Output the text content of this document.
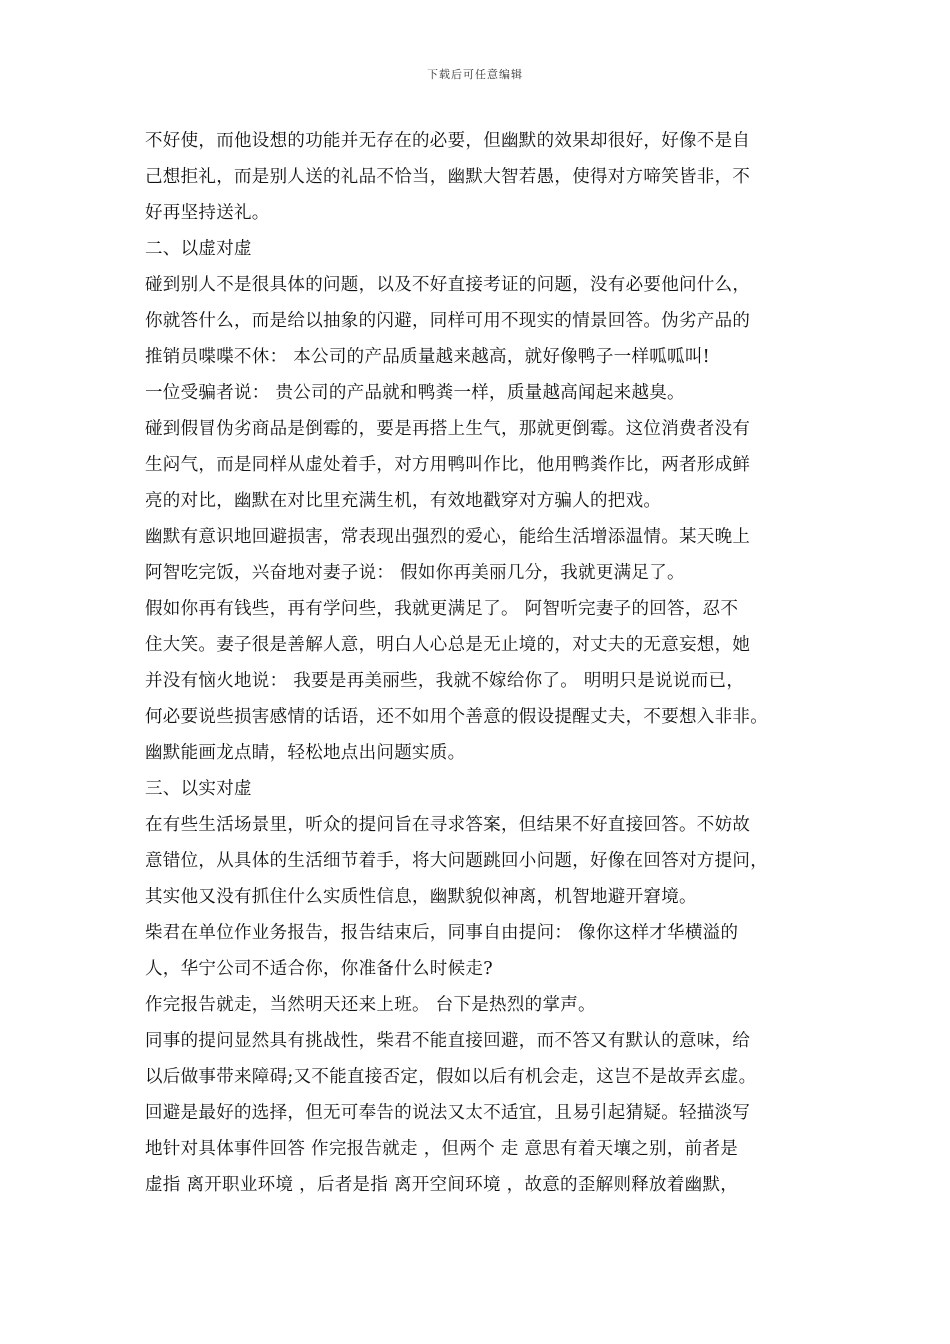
下载后可任意编辑
不好使，而他设想的功能并无存在的必要，但幽默的效果却很好，好像不是自
己想拒礼，而是别人送的礼品不恰当，幽默大智若愚，使得对方啼笑皆非，不
好再坚持送礼。
二、以虚对虚
碰到别人不是很具体的问题，以及不好直接考证的问题，没有必要他问什么，
你就答什么，而是给以抽象的闪避，同样可用不现实的情景回答。伪劣产品的
推销员喋喋不休： 本公司的产品质量越来越高，就好像鸭子一样呱呱叫!
一位受骗者说： 贵公司的产品就和鸭粪一样，质量越高闻起来越臭。
碰到假冒伪劣商品是倒霉的，要是再搭上生气，那就更倒霉。这位消费者没有
生闷气，而是同样从虚处着手，对方用鸭叫作比，他用鸭粪作比，两者形成鲜
亮的对比，幽默在对比里充满生机，有效地戳穿对方骗人的把戏。
幽默有意识地回避损害，常表现出强烈的爱心，能给生活增添温情。某天晚上
阿智吃完饭，兴奋地对妻子说： 假如你再美丽几分，我就更满足了。
假如你再有钱些，再有学问些，我就更满足了。 阿智听完妻子的回答，忍不
住大笑。妻子很是善解人意，明白人心总是无止境的，对丈夫的无意妄想，她
并没有恼火地说： 我要是再美丽些，我就不嫁给你了。 明明只是说说而已，
何必要说些损害感情的话语，还不如用个善意的假设提醒丈夫，不要想入非非。
幽默能画龙点睛，轻松地点出问题实质。
三、以实对虚
在有些生活场景里，听众的提问旨在寻求答案，但结果不好直接回答。不妨故
意错位，从具体的生活细节着手，将大问题跳回小问题，好像在回答对方提问，
其实他又没有抓住什么实质性信息，幽默貌似神离，机智地避开窘境。
柴君在单位作业务报告，报告结束后，同事自由提问： 像你这样才华横溢的
人，华宁公司不适合你，你准备什么时候走?
作完报告就走，当然明天还来上班。 台下是热烈的掌声。
同事的提问显然具有挑战性，柴君不能直接回避，而不答又有默认的意味，给
以后做事带来障碍;又不能直接否定，假如以后有机会走，这岂不是故弄玄虚。
回避是最好的选择，但无可奉告的说法又太不适宜，且易引起猜疑。轻描淡写
地针对具体事件回答 作完报告就走 ，但两个 走 意思有着天壤之别，前者是
虚指 离开职业环境 ，后者是指 离开空间环境 ，故意的歪解则释放着幽默，
